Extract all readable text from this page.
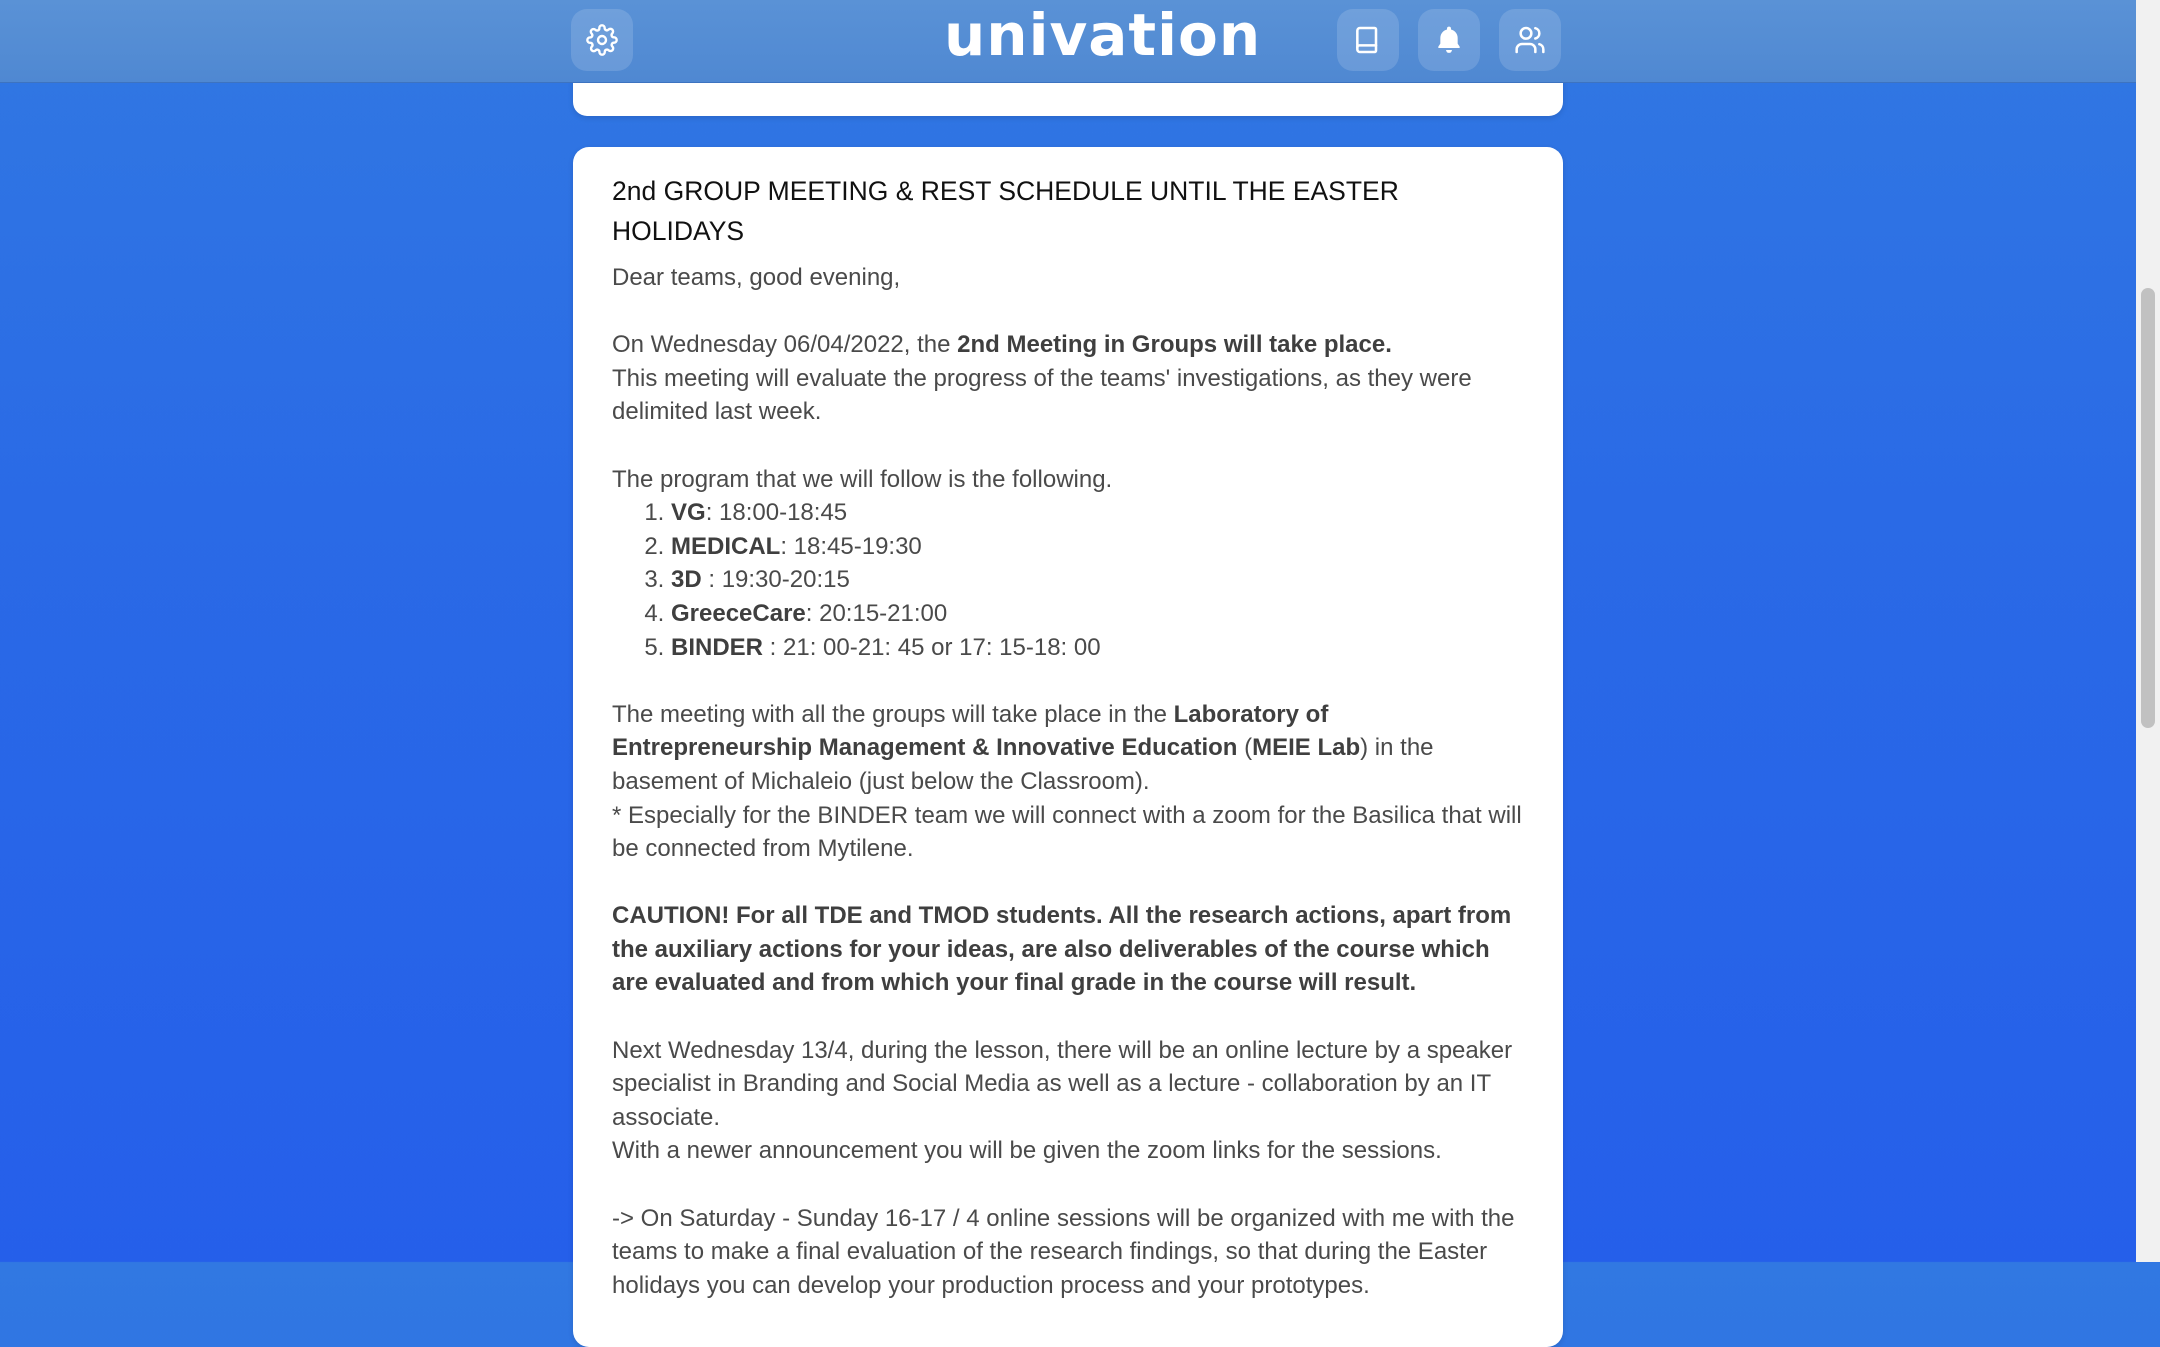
2nd GROUP MEETING & REST SCHEDULE UNTIL THE EASTER HOLIDAYS

Dear teams, good evening,

On Wednesday 06/04/2022, the 2nd Meeting in Groups will take place.

This meeting will evaluate the progress of the teams' investigations, as they were delimited last week.

The program that we will follow is the following.

1. VG: 18:00-18:45
2. MEDICAL: 18:45-19:30
3. 3D : 19:30-20:15
4. GreeceCare: 20:15-21:00
5. BINDER : 21: 00-21: 45 or 17: 15-18: 00

The meeting with all the groups will take place in the Laboratory of Entrepreneurship Management & Innovative Education (MEIE Lab) in the basement of Michaleio (just below the Classroom).

* Especially for the BINDER team we will connect with a zoom for the Basilica that will be connected from Mytilene.

CAUTION! For all TDE and TMOD students. All the research actions, apart from the auxiliary actions for your ideas, are also deliverables of the course which are evaluated and from which your final grade in the course will result.

Next Wednesday 13/4, during the lesson, there will be an online lecture by a speaker specialist in Branding and Social Media as well as a lecture - collaboration by an IT associate.

With a newer announcement you will be given the zoom links for the sessions.

-> On Saturday - Sunday 16-17 / 4 online sessions will be organized with me with the teams to make a final evaluation of the research findings, so that during the Easter holidays you can develop your production process and your prototypes.

univation
